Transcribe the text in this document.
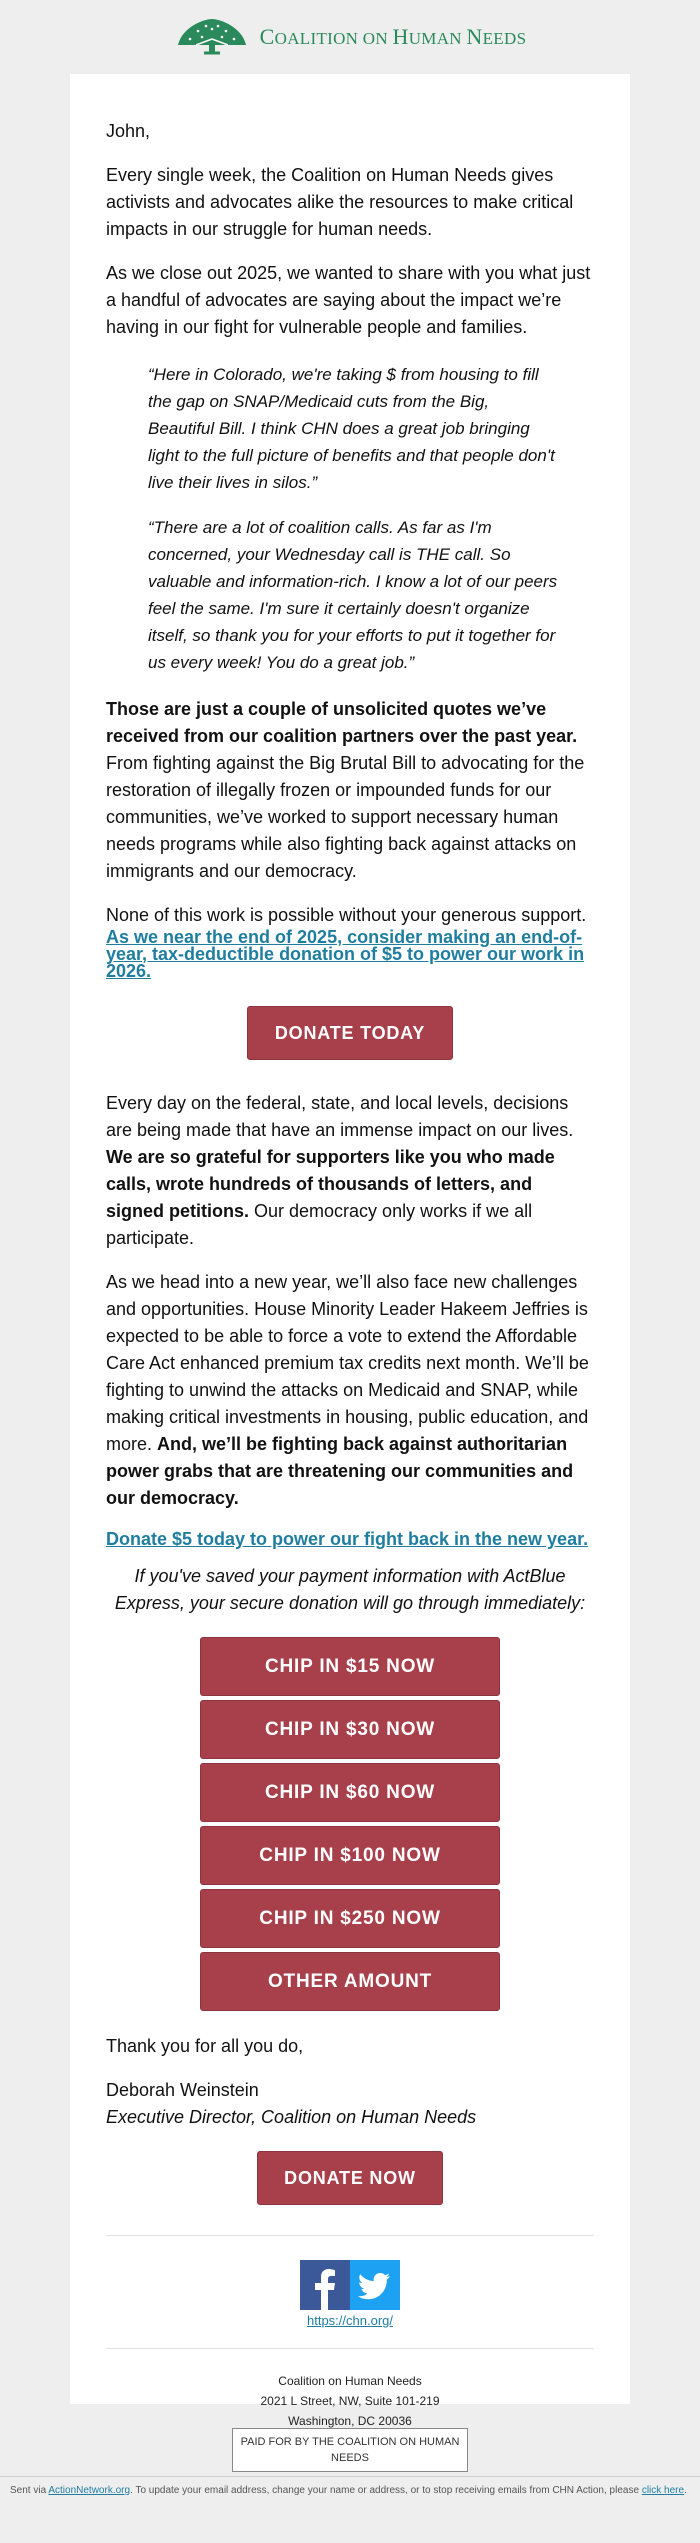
COALITION ON HUMAN NEEDS
John,
Every single week, the Coalition on Human Needs gives activists and advocates alike the resources to make critical impacts in our struggle for human needs.
As we close out 2025, we wanted to share with you what just a handful of advocates are saying about the impact we’re having in our fight for vulnerable people and families.
“Here in Colorado, we're taking $ from housing to fill the gap on SNAP/Medicaid cuts from the Big, Beautiful Bill. I think CHN does a great job bringing light to the full picture of benefits and that people don't live their lives in silos.”
“There are a lot of coalition calls. As far as I'm concerned, your Wednesday call is THE call. So valuable and information-rich. I know a lot of our peers feel the same. I'm sure it certainly doesn't organize itself, so thank you for your efforts to put it together for us every week! You do a great job.”
Those are just a couple of unsolicited quotes we’ve received from our coalition partners over the past year. From fighting against the Big Brutal Bill to advocating for the restoration of illegally frozen or impounded funds for our communities, we’ve worked to support necessary human needs programs while also fighting back against attacks on immigrants and our democracy.
None of this work is possible without your generous support.
As we near the end of 2025, consider making an end-of-year, tax-deductible donation of $5 to power our work in 2026.
DONATE TODAY
Every day on the federal, state, and local levels, decisions are being made that have an immense impact on our lives. We are so grateful for supporters like you who made calls, wrote hundreds of thousands of letters, and signed petitions. Our democracy only works if we all participate.
As we head into a new year, we’ll also face new challenges and opportunities. House Minority Leader Hakeem Jeffries is expected to be able to force a vote to extend the Affordable Care Act enhanced premium tax credits next month. We’ll be fighting to unwind the attacks on Medicaid and SNAP, while making critical investments in housing, public education, and more. And, we’ll be fighting back against authoritarian power grabs that are threatening our communities and our democracy.
Donate $5 today to power our fight back in the new year.
If you've saved your payment information with ActBlue Express, your secure donation will go through immediately:
CHIP IN $15 NOW
CHIP IN $30 NOW
CHIP IN $60 NOW
CHIP IN $100 NOW
CHIP IN $250 NOW
OTHER AMOUNT
Thank you for all you do,
Deborah Weinstein
Executive Director, Coalition on Human Needs
DONATE NOW
https://chn.org/
Coalition on Human Needs
2021 L Street, NW, Suite 101-219
Washington, DC 20036
PAID FOR BY THE COALITION ON HUMAN NEEDS
Sent via ActionNetwork.org. To update your email address, change your name or address, or to stop receiving emails from CHN Action, please click here.
